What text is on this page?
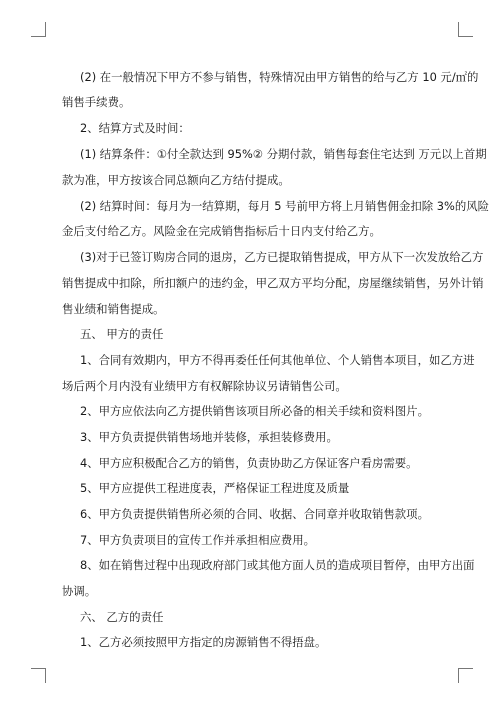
(2) 在一般情况下甲方不参与销售，特殊情况由甲方销售的给与乙方 10 元/㎡的
销售手续费。
2、结算方式及时间：
(1) 结算条件：①付全款达到 95%② 分期付款，销售每套住宅达到 万元以上首期
款为准，甲方按该合同总额向乙方结付提成。
(2) 结算时间：每月为一结算期，每月 5 号前甲方将上月销售佣金扣除 3%的风险
金后支付给乙方。风险金在完成销售指标后十日内支付给乙方。
(3)对于已签订购房合同的退房，乙方已提取销售提成，甲方从下一次发放给乙方
销售提成中扣除，所扣额户的违约金，甲乙双方平均分配，房屋继续销售，另外计销
售业绩和销售提成。
五、 甲方的责任
1、合同有效期内，甲方不得再委任任何其他单位、个人销售本项目，如乙方进
场后两个月内没有业绩甲方有权解除协议另请销售公司。
2、甲方应依法向乙方提供销售该项目所必备的相关手续和资料图片。
3、甲方负责提供销售场地并装修，承担装修费用。
4、甲方应积极配合乙方的销售，负责协助乙方保证客户看房需要。
5、甲方应提供工程进度表，严格保证工程进度及质量
6、甲方负责提供销售所必须的合同、收据、合同章并收取销售款项。
7、甲方负责项目的宣传工作并承担相应费用。
8、如在销售过程中出现政府部门或其他方面人员的造成项目暂停，由甲方出面
协调。
六、 乙方的责任
1、乙方必须按照甲方指定的房源销售不得捂盘。
